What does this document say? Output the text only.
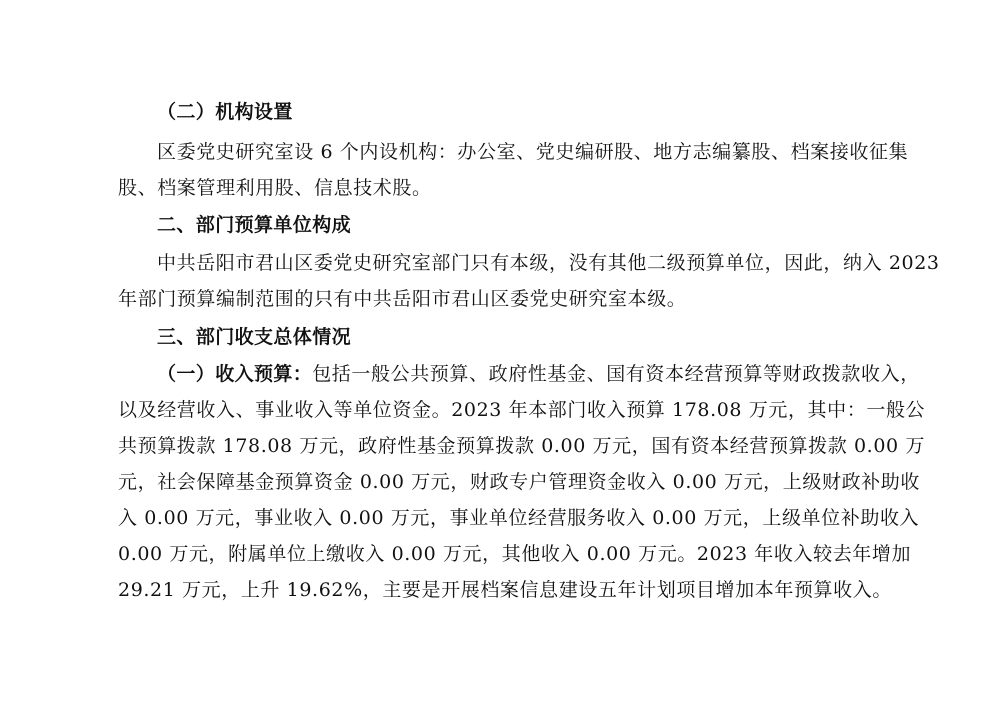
（二）机构设置
区委党史研究室设 6 个内设机构：办公室、党史编研股、地方志编纂股、档案接收征集
股、档案管理利用股、信息技术股。
二、部门预算单位构成
中共岳阳市君山区委党史研究室部门只有本级，没有其他二级预算单位，因此，纳入 2023
年部门预算编制范围的只有中共岳阳市君山区委党史研究室本级。
三、部门收支总体情况
（一）收入预算：包括一般公共预算、政府性基金、国有资本经营预算等财政拨款收入，
以及经营收入、事业收入等单位资金。2023 年本部门收入预算 178.08 万元，其中：一般公
共预算拨款 178.08 万元，政府性基金预算拨款 0.00 万元，国有资本经营预算拨款 0.00 万
元，社会保障基金预算资金 0.00 万元，财政专户管理资金收入 0.00 万元，上级财政补助收
入 0.00 万元，事业收入 0.00 万元，事业单位经营服务收入 0.00 万元，上级单位补助收入
0.00 万元，附属单位上缴收入 0.00 万元，其他收入 0.00 万元。2023 年收入较去年增加
29.21 万元，上升 19.62%，主要是开展档案信息建设五年计划项目增加本年预算收入。
